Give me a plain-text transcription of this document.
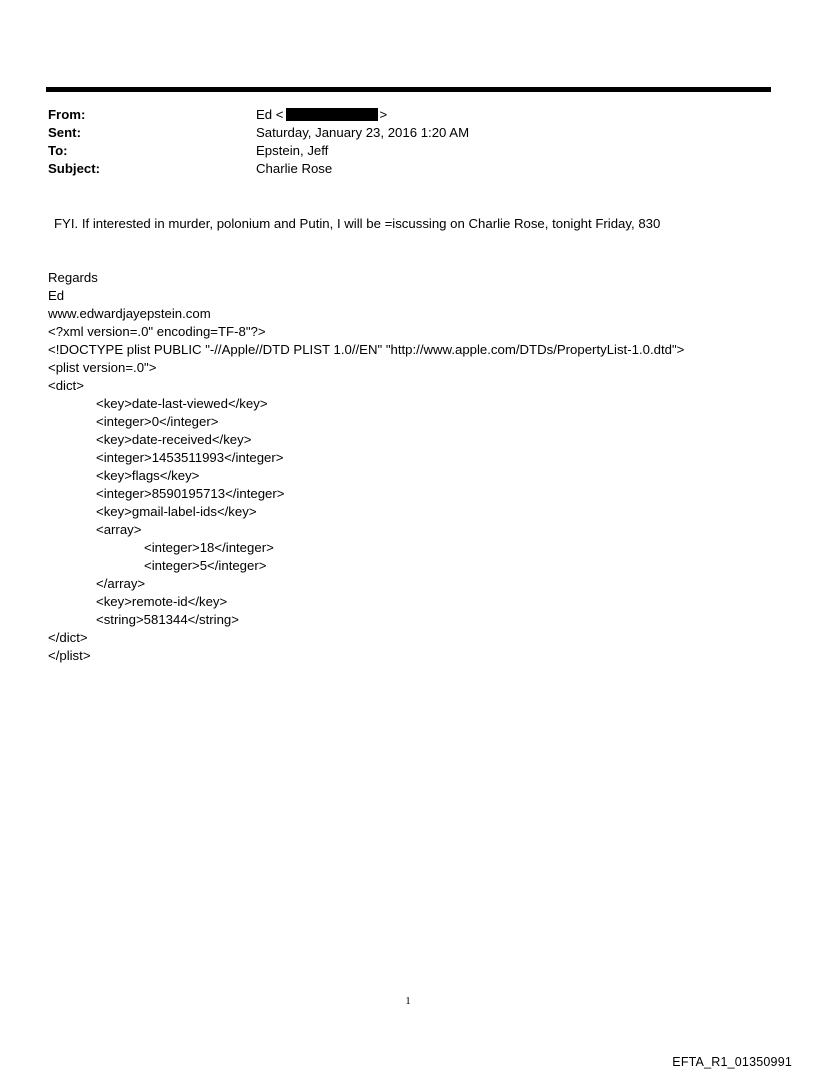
From:	Ed <	>
Sent:	Saturday, January 23, 2016 1:20 AM
To:	Epstein, Jeff
Subject:	Charlie Rose
FYI. If interested in murder, polonium and Putin, I will be =iscussing on Charlie Rose, tonight Friday, 830
Regards
Ed
www.edwardjayepstein.com
<?xml version=.0" encoding=TF-8"?>
<!DOCTYPE plist PUBLIC "-//Apple//DTD PLIST 1.0//EN" "http://www.apple.com/DTDs/PropertyList-1.0.dtd">
<plist version=.0">
<dict>
<key>date-last-viewed</key>
<integer>0</integer>
<key>date-received</key>
<integer>1453511993</integer>
<key>flags</key>
<integer>8590195713</integer>
<key>gmail-label-ids</key>
<array>
<integer>18</integer>
<integer>5</integer>
</array>
<key>remote-id</key>
<string>581344</string>
</dict>
</plist>
1
EFTA_R1_01350991
